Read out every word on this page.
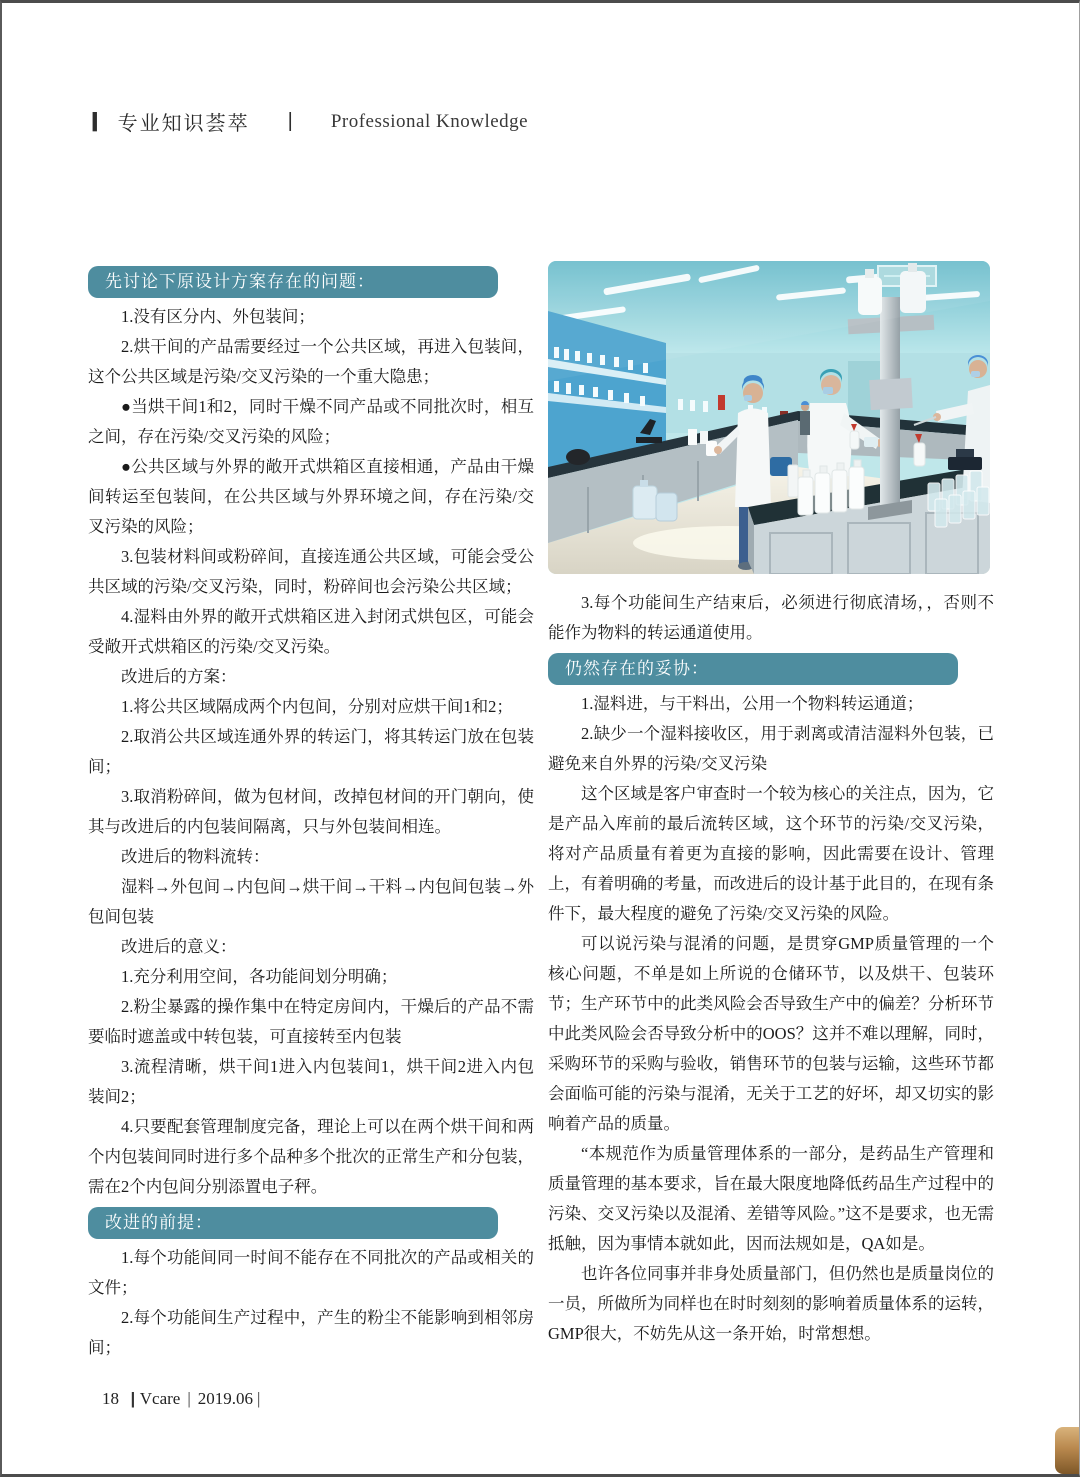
| 专业知识荟萃 | Professional Knowledge
先讨论下原设计方案存在的问题：

1.没有区分内、外包装间；

2.烘干间的产品需要经过一个公共区域，再进入包装间，这个公共区域是污染/交叉污染的一个重大隐患；

●当烘干间1和2，同时干燥不同产品或不同批次时，相互之间，存在污染/交叉污染的风险；

●公共区域与外界的敞开式烘箱区直接相通，产品由干燥间转运至包装间，在公共区域与外界环境之间，存在污染/交叉污染的风险；

3.包装材料间或粉碎间，直接连通公共区域，可能会受公共区域的污染/交叉污染，同时，粉碎间也会污染公共区域；

4.湿料由外界的敞开式烘箱区进入封闭式烘包区，可能会受敞开式烘箱区的污染/交叉污染。

改进后的方案：

1.将公共区域隔成两个内包间，分别对应烘干间1和2；

2.取消公共区域连通外界的转运门，将其转运门放在包装间；

3.取消粉碎间，做为包材间，改掉包材间的开门朝向，使其与改进后的内包装间隔离，只与外包装间相连。

改进后的物料流转：

湿料→外包间→内包间→烘干间→干料→内包间包装→外包间包装

改进后的意义：

1.充分利用空间，各功能间划分明确；

2.粉尘暴露的操作集中在特定房间内，干燥后的产品不需要临时遮盖或中转包装，可直接转至内包装

3.流程清晰，烘干间1进入内包装间1，烘干间2进入内包装间2；

4.只要配套管理制度完备，理论上可以在两个烘干间和两个内包装间同时进行多个品种多个批次的正常生产和分包装，需在2个内包间分别添置电子秤。

改进的前提：

1.每个功能间同一时间不能存在不同批次的产品或相关的文件；

2.每个功能间生产过程中，产生的粉尘不能影响到相邻房间；

3.每个功能间生产结束后，必须进行彻底清场，，否则不能作为物料的转运通道使用。

仍然存在的妥协：

1.湿料进，与干料出，公用一个物料转运通道；

2.缺少一个湿料接收区，用于剥离或清洁湿料外包装，已避免来自外界的污染/交叉污染

这个区域是客户审查时一个较为核心的关注点，因为，它是产品入库前的最后流转区域，这个环节的污染/交叉污染，将对产品质量有着更为直接的影响，因此需要在设计、管理上，有着明确的考量，而改进后的设计基于此目的，在现有条件下，最大程度的避免了污染/交叉污染的风险。

可以说污染与混淆的问题，是贯穿GMP质量管理的一个核心问题，不单是如上所说的仓储环节，以及烘干、包装环节；生产环节中的此类风险会否导致生产中的偏差？分析环节中此类风险会否导致分析中的OOS？这并不难以理解，同时，采购环节的采购与验收，销售环节的包装与运输，这些环节都会面临可能的污染与混淆，无关于工艺的好坏，却又切实的影响着产品的质量。

“本规范作为质量管理体系的一部分，是药品生产管理和质量管理的基本要求，旨在最大限度地降低药品生产过程中的污染、交叉污染以及混淆、差错等风险。”这不是要求，也无需抵触，因为事情本就如此，因而法规如是，QA如是。

也许各位同事并非身处质量部门，但仍然也是质量岗位的一员，所做所为同样也在时时刻刻的影响着质量体系的运转，GMP很大，不妨先从这一条开始，时常想想。

18 | Vcare | 2019.06 |
